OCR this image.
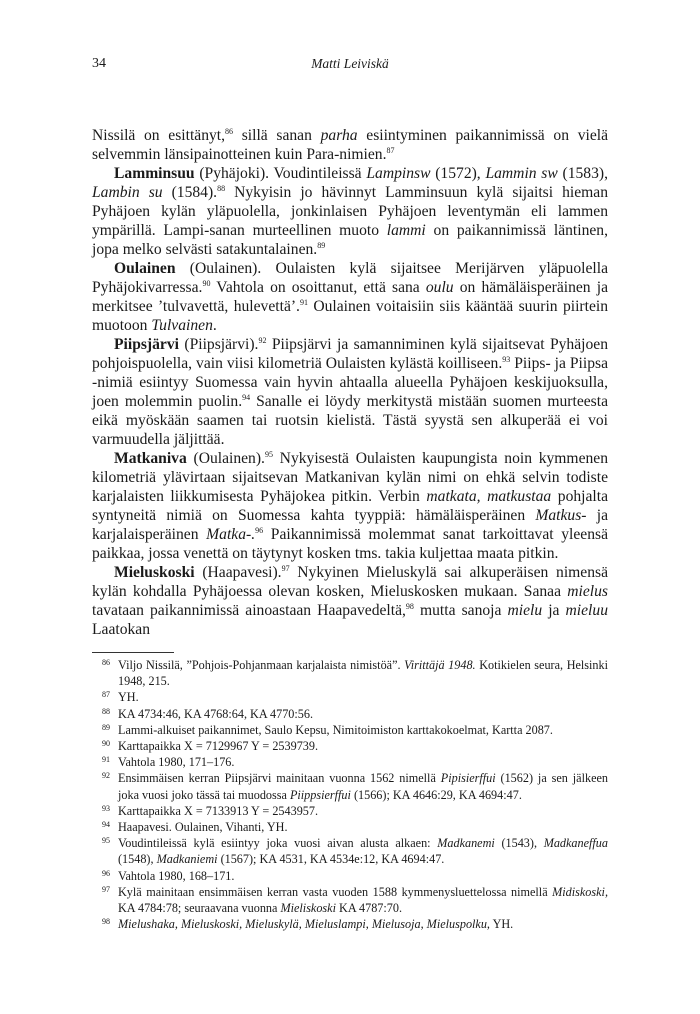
34	Matti Leiviskä

Nissilä on esittänyt,$^{86}$ sillä sanan parha esiintyminen paikannimissä on vielä selvemmin länsipainotteinen kuin Para-nimien.$^{87}$

Lamminsuu (Pyhäjoki). Voudintileissä Lampinsw (1572), Lammin sw (1583), Lambin su (1584).$^{88}$ Nykyisin jo hävinnyt Lamminsuun kylä sijaitsi hieman Pyhäjoen kylän yläpuolella, jonkinlaisen Pyhäjoen leventymän eli lammen ympärillä. Lampi-sanan murteellinen muoto lammi on paikannimissä läntinen, jopa melko selvästi satakuntalainen.$^{89}$

Oulainen (Oulainen). Oulaisten kylä sijaitsee Merijärven yläpuolella Pyhäjokivarressa.$^{90}$ Vahtola on osoittanut, että sana oulu on hämäläisperäinen ja merkitsee ’tulvavettä, hulevettä’.$^{91}$ Oulainen voitaisiin siis kääntää suurin piirtein muotoon Tulvainen.

Piipsjärvi (Piipsjärvi).$^{92}$ Piipsjärvi ja samanniminen kylä sijaitsevat Pyhäjoen pohjoispuolella, vain viisi kilometriä Oulaisten kylästä koilliseen.$^{93}$ Piips- ja Piipsa -nimiä esiintyy Suomessa vain hyvin ahtaalla alueella Pyhäjoen keskijuoksulla, joen molemmin puolin.$^{94}$ Sanalle ei löydy merkitystä mistään suomen murteesta eikä myöskään saamen tai ruotsin kielistä. Tästä syystä sen alkuperää ei voi varmuudella jäljittää.

Matkaniva (Oulainen).$^{95}$ Nykyisestä Oulaisten kaupungista noin kymmenen kilometriä ylävirtaan sijaitsevan Matkanivan kylän nimi on ehkä selvin todiste karjalaisten liikkumisesta Pyhäjokea pitkin. Verbin matkata, matkustaa pohjalta syntyneitä nimiä on Suomessa kahta tyyppiä: hämäläisperäinen Matkus- ja karjalaisperäinen Matka-.$^{96}$ Paikannimissä molemmat sanat tarkoittavat yleensä paikkaa, jossa venettä on täytynyt kosken tms. takia kuljettaa maata pitkin.

Mieluskoski (Haapavesi).$^{97}$ Nykyinen Mieluskylä sai alkuperäisen nimensä kylän kohdalla Pyhäjoessa olevan kosken, Mieluskosken mukaan. Sanaa mielus tavataan paikannimissä ainoastaan Haapavedeltä,$^{98}$ mutta sanoja mielu ja mieluu Laatokan

86 Viljo Nissilä, ”Pohjois-Pohjanmaan karjalaista nimistöä”. Virittäjä 1948. Kotikielen seura, Helsinki 1948, 215.
87 YH.
88 KA 4734:46, KA 4768:64, KA 4770:56.
89 Lammi-alkuiset paikannimet, Saulo Kepsu, Nimitoimiston karttakokoelmat, Kartta 2087.
90 Karttapaikka X = 7129967 Y = 2539739.
91 Vahtola 1980, 171–176.
92 Ensimmäisen kerran Piipsjärvi mainitaan vuonna 1562 nimellä Pipisierffui (1562) ja sen jälkeen joka vuosi joko tässä tai muodossa Piippsierffui (1566); KA 4646:29, KA 4694:47.
93 Karttapaikka X = 7133913 Y = 2543957.
94 Haapavesi. Oulainen, Vihanti, YH.
95 Voudintileissä kylä esiintyy joka vuosi aivan alusta alkaen: Madkanemi (1543), Madkaneffua (1548), Madkaniemi (1567); KA 4531, KA 4534e:12, KA 4694:47.
96 Vahtola 1980, 168–171.
97 Kylä mainitaan ensimmäisen kerran vasta vuoden 1588 kymmenysluettelossa nimellä Midiskoski, KA 4784:78; seuraavana vuonna Mieliskoski KA 4787:70.
98 Mielushaka, Mieluskoski, Mieluskylä, Mieluslampi, Mielusoja, Mieluspolku, YH.
